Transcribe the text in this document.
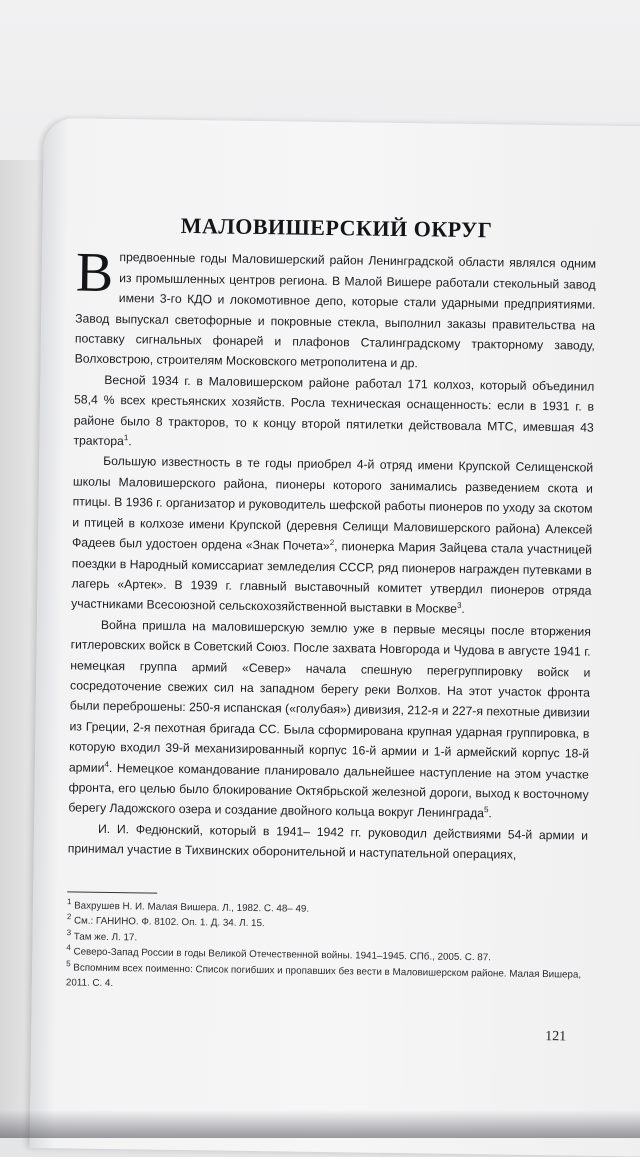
МАЛОВИШЕРСКИЙ ОКРУГ

Впредвоенные годы Маловишерский район Ленинградской области являлся одним из промышленных центров региона. В Малой Вишере работали стекольный завод имени 3-го КДО и локомотивное депо, которые стали ударными предприятиями. Завод выпускал светофорные и покровные стекла, выполнил заказы правительства на поставку сигнальных фонарей и плафонов Сталинградскому тракторному заводу, Волховстрою, строителям Московского метрополитена и др.

Весной 1934 г. в Маловишерском районе работал 171 колхоз, который объединил 58,4 % всех крестьянских хозяйств. Росла техническая оснащенность: если в 1931 г. в районе было 8 тракторов, то к концу второй пятилетки действовала МТС, имевшая 43 трактора$^1$.

Большую известность в те годы приобрел 4-й отряд имени Крупской Селищенской школы Маловишерского района, пионеры которого занимались разведением скота и птицы. В 1936 г. организатор и руководитель шефской работы пионеров по уходу за скотом и птицей в колхозе имени Крупской (деревня Селищи Маловишерского района) Алексей Фадеев был удостоен ордена «Знак Почета»$^2$, пионерка Мария Зайцева стала участницей поездки в Народный комиссариат земледелия СССР, ряд пионеров награжден путевками в лагерь «Артек». В 1939 г. главный выставочный комитет утвердил пионеров отряда участниками Всесоюзной сельскохозяйственной выставки в Москве$^3$.

Война пришла на маловишерскую землю уже в первые месяцы после вторжения гитлеровских войск в Советский Союз. После захвата Новгорода и Чудова в августе 1941 г. немецкая группа армий «Север» начала спешную перегруппировку войск и сосредоточение свежих сил на западном берегу реки Волхов. На этот участок фронта были переброшены: 250-я испанская («голубая») дивизия, 212-я и 227-я пехотные дивизии из Греции, 2-я пехотная бригада СС. Была сформирована крупная ударная группировка, в которую входил 39-й механизированный корпус 16-й армии и 1-й армейский корпус 18-й армии$^4$. Немецкое командование планировало дальнейшее наступление на этом участке фронта, его целью было блокирование Октябрьской железной дороги, выход к восточному берегу Ладожского озера и создание двойного кольца вокруг Ленинграда$^5$.

И. И. Федюнский, который в 1941– 1942 гг. руководил действиями 54-й армии и принимал участие в Тихвинских оборонительной и наступательной операциях,

$^1$ Вахрушев Н. И. Малая Вишера. Л., 1982. С. 48– 49.
$^2$ См.: ГАНИНО. Ф. 8102. Оп. 1. Д. 34. Л. 15.
$^3$ Там же. Л. 17.
$^4$ Северо-Запад России в годы Великой Отечественной войны. 1941–1945. СПб., 2005. С. 87.
$^5$ Вспомним всех поименно: Список погибших и пропавших без вести в Маловишерском районе. Малая Вишера, 2011. С. 4.
121
